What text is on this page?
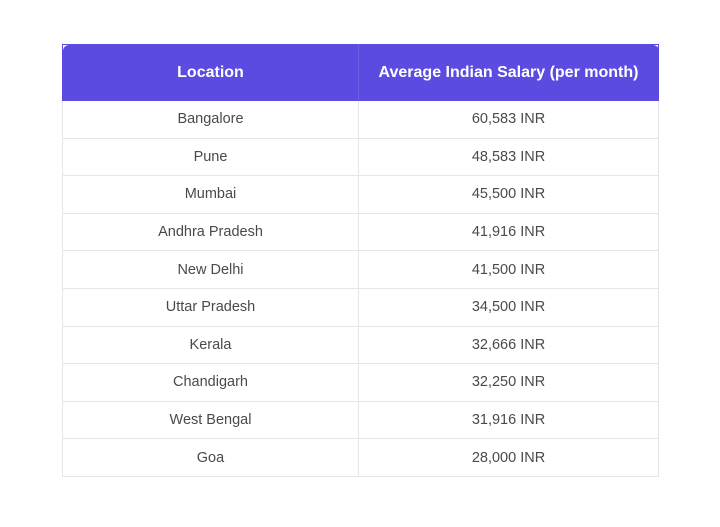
Location	Average Indian Salary (per month)
Bangalore	60,583 INR
Pune	48,583 INR
Mumbai	45,500 INR
Andhra Pradesh	41,916 INR
New Delhi	41,500 INR
Uttar Pradesh	34,500 INR
Kerala	32,666 INR
Chandigarh	32,250 INR
West Bengal	31,916 INR
Goa	28,000 INR
